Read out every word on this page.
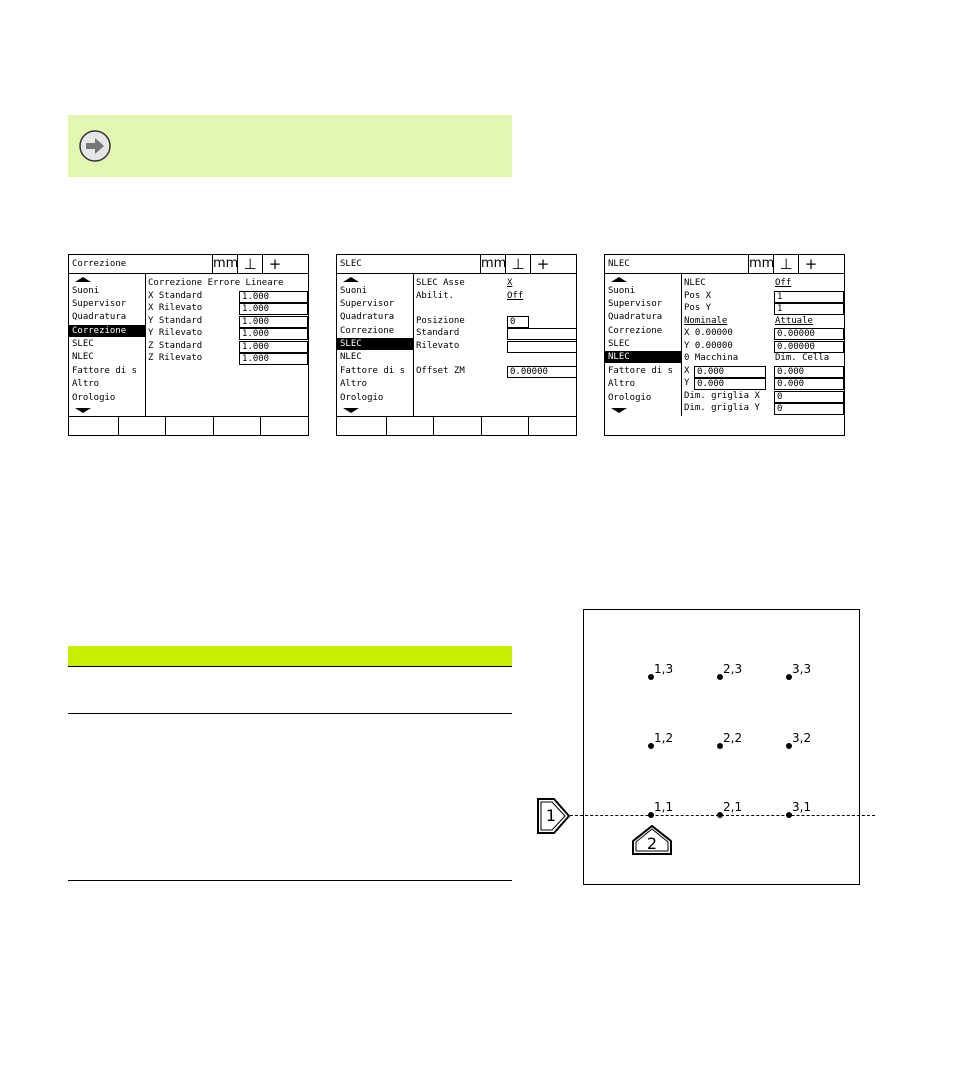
Correzione	mm ⊥ +
Suoni
Supervisor
Quadratura
Correzione
SLEC
NLEC
Fattore di s
Altro
Orologio
Correzione Errore Lineare
X Standard	1.000
X Rilevato	1.000
Y Standard	1.000
Y Rilevato	1.000
Z Standard	1.000
Z Rilevato	1.000
SLEC	mm ⊥ +
Suoni
Supervisor
Quadratura
Correzione
SLEC
NLEC
Fattore di s
Altro
Orologio
SLEC Asse	X
Abilit.	Off
Posizione	0
Standard
Rilevato
Offset ZM	0.00000
NLEC	mm ⊥ +
Suoni
Supervisor
Quadratura
Correzione
SLEC
NLEC
Fattore di s
Altro
Orologio
NLEC	Off
Pos X	1
Pos Y	1
Nominale	Attuale
X 0.00000	0.00000
Y 0.00000	0.00000
0 Macchina	Dim. Cella
X 0.000	0.000
Y 0.000	0.000
Dim. griglia X	0
Dim. griglia Y	0
1,3	2,3	3,3
1,2	2,2	3,2
1,1	2,1	3,1
1
2
